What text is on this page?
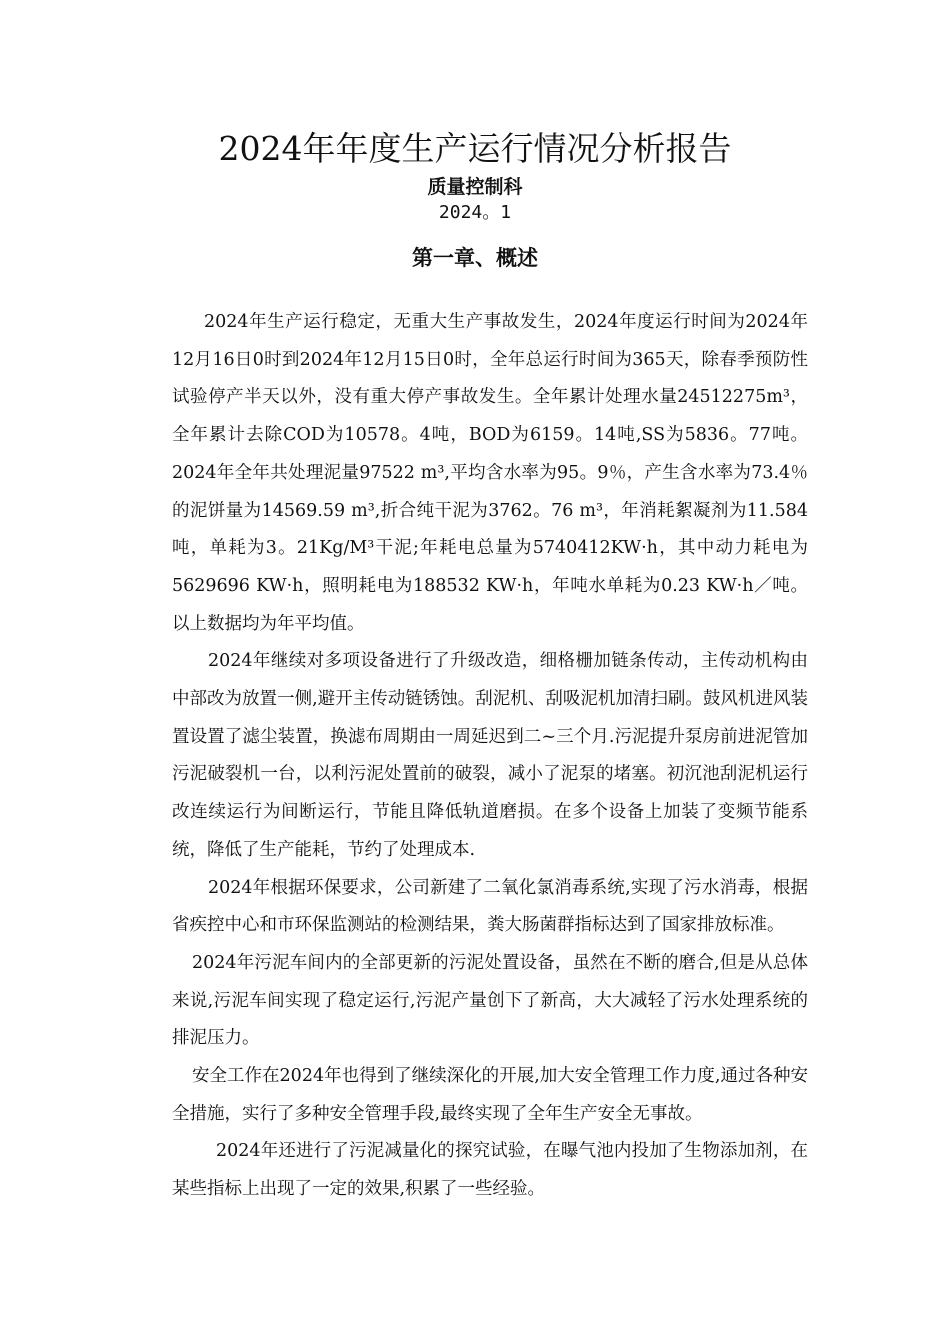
2024年年度生产运行情况分析报告
质量控制科
2024。1
第一章、概述

2024年生产运行稳定，无重大生产事故发生，2024年度运行时间为2024年12月16日0时到2024年12月15日0时，全年总运行时间为365天，除春季预防性试验停产半天以外，没有重大停产事故发生。全年累计处理水量24512275m³，全年累计去除COD为10578。4吨，BOD为6159。14吨,SS为5836。77吨。2024年全年共处理泥量97522 m³,平均含水率为95。9％，产生含水率为73.4％的泥饼量为14569.59 m³,折合纯干泥为3762。76 m³，年消耗絮凝剂为11.584吨，单耗为3。21Kg/M³干泥;年耗电总量为5740412KW·h，其中动力耗电为5629696 KW·h，照明耗电为188532 KW·h，年吨水单耗为0.23 KW·h／吨。以上数据均为年平均值。

2024年继续对多项设备进行了升级改造，细格栅加链条传动，主传动机构由中部改为放置一侧,避开主传动链锈蚀。刮泥机、刮吸泥机加清扫刷。鼓风机进风装置设置了滤尘装置，换滤布周期由一周延迟到二~三个月.污泥提升泵房前进泥管加污泥破裂机一台，以利污泥处置前的破裂，减小了泥泵的堵塞。初沉池刮泥机运行改连续运行为间断运行，节能且降低轨道磨损。在多个设备上加装了变频节能系统，降低了生产能耗，节约了处理成本.

2024年根据环保要求，公司新建了二氧化氯消毒系统,实现了污水消毒，根据省疾控中心和市环保监测站的检测结果，粪大肠菌群指标达到了国家排放标准。

2024年污泥车间内的全部更新的污泥处置设备，虽然在不断的磨合,但是从总体来说,污泥车间实现了稳定运行,污泥产量创下了新高，大大减轻了污水处理系统的排泥压力。

安全工作在2024年也得到了继续深化的开展,加大安全管理工作力度,通过各种安全措施，实行了多种安全管理手段,最终实现了全年生产安全无事故。

2024年还进行了污泥减量化的探究试验，在曝气池内投加了生物添加剂，在某些指标上出现了一定的效果,积累了一些经验。
